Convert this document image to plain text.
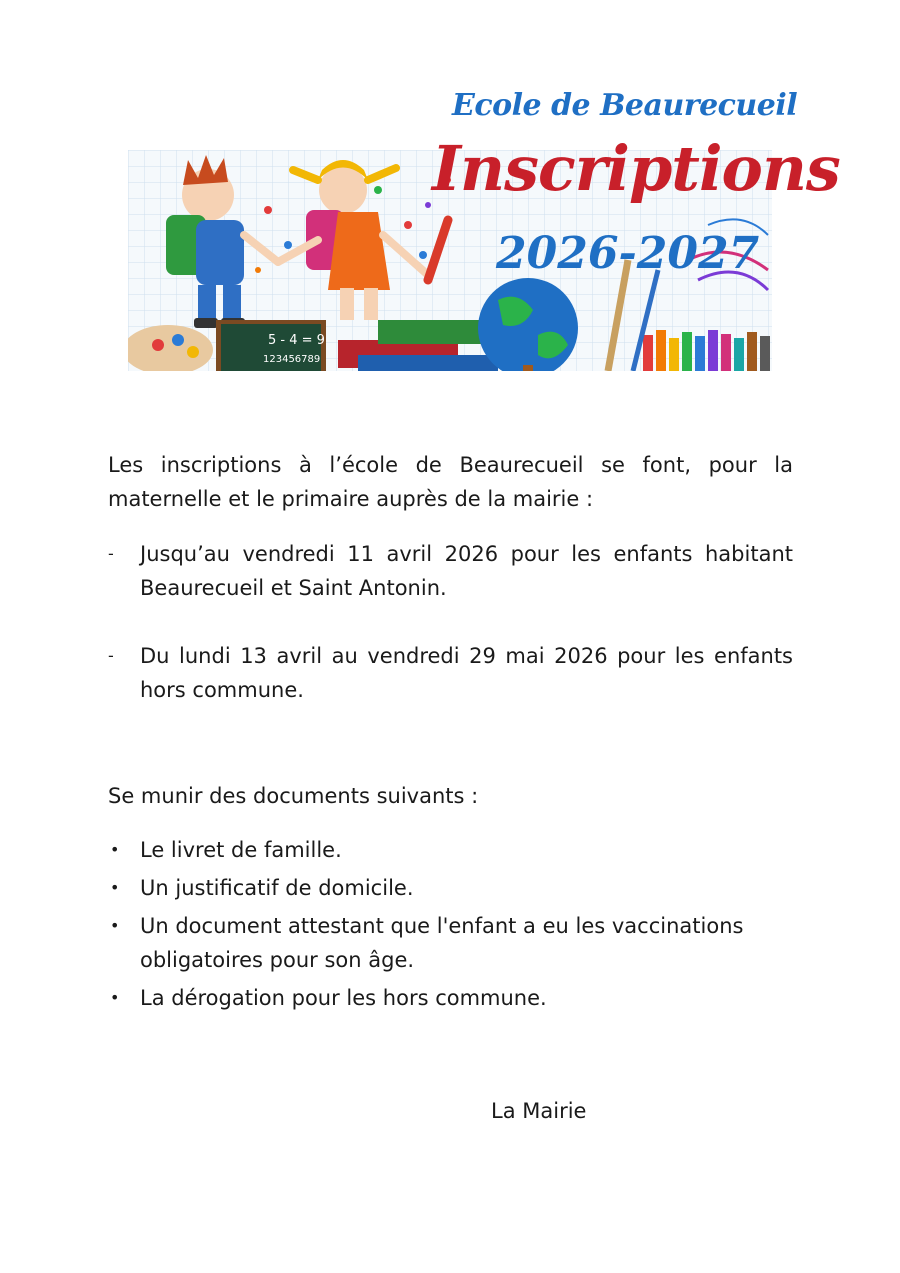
Ecole de Beaurecueil
5 - 4 = 9
123456789
Inscriptions
2026-2027
Les inscriptions à l’école de Beaurecueil se font, pour la maternelle et le primaire auprès de la mairie :
-	Jusqu’au vendredi 11 avril 2026 pour les enfants habitant Beaurecueil et Saint Antonin.
-	Du lundi 13 avril au vendredi 29 mai 2026 pour les enfants hors commune.
Se munir des documents suivants :
• Le livret de famille.
• Un justificatif de domicile.
• Un document attestant que l'enfant a eu les vaccinations obligatoires pour son âge.
• La dérogation pour les hors commune.
La Mairie
